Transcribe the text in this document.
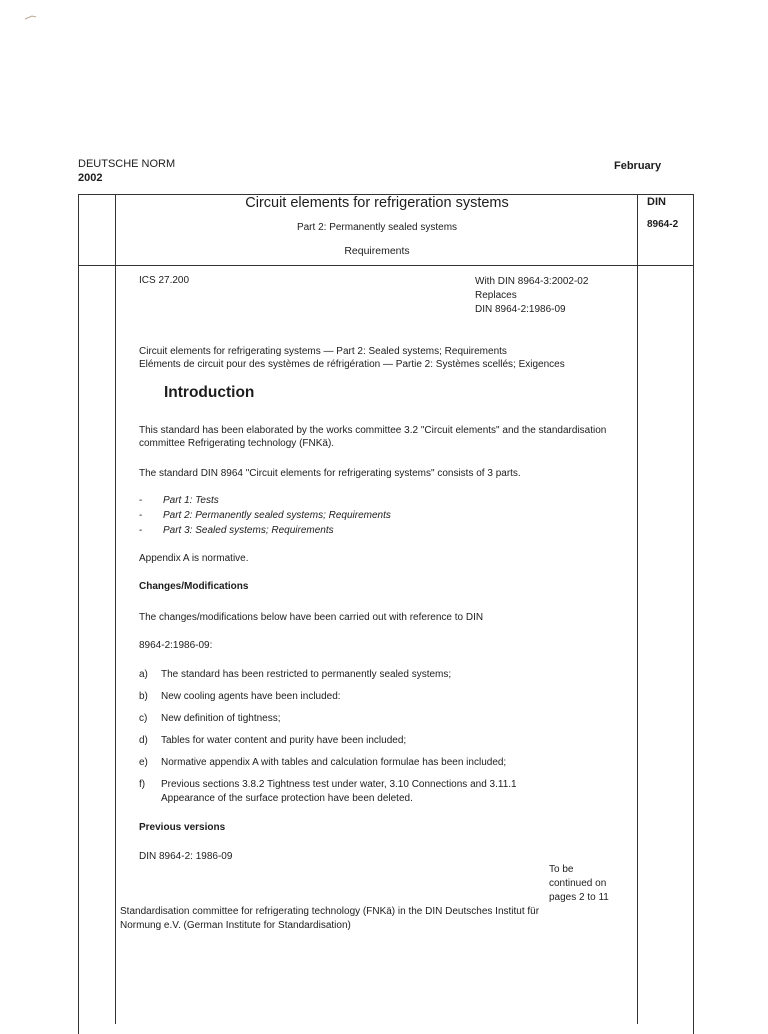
DEUTSCHE NORM
2002
February
Circuit elements for refrigeration systems
Part 2: Permanently sealed systems
Requirements
DIN
8964-2
ICS 27.200	With DIN 8964-3:2002-02
Replaces
DIN 8964-2:1986-09
Circuit elements for refrigerating systems — Part 2: Sealed systems; Requirements
Eléments de circuit pour des systèmes de réfrigération — Partie 2: Systèmes scellés; Exigences
Introduction
This standard has been elaborated by the works committee 3.2 "Circuit elements" and the standardisation committee Refrigerating technology (FNKä).
The standard DIN 8964 "Circuit elements for refrigerating systems" consists of 3 parts.
- Part 1: Tests
- Part 2: Permanently sealed systems; Requirements
- Part 3: Sealed systems; Requirements
Appendix A is normative.
Changes/Modifications
The changes/modifications below have been carried out with reference to DIN
8964-2:1986-09:
a) The standard has been restricted to permanently sealed systems;
b) New cooling agents have been included:
c) New definition of tightness;
d) Tables for water content and purity have been included;
e) Normative appendix A with tables and calculation formulae has been included;
f) Previous sections 3.8.2 Tightness test under water, 3.10 Connections and 3.11.1
Appearance of the surface protection have been deleted.
Previous versions
DIN 8964-2: 1986-09
To be
continued on
pages 2 to 11
Standardisation committee for refrigerating technology (FNKä) in the DIN Deutsches Institut für
Normung e.V. (German Institute for Standardisation)
